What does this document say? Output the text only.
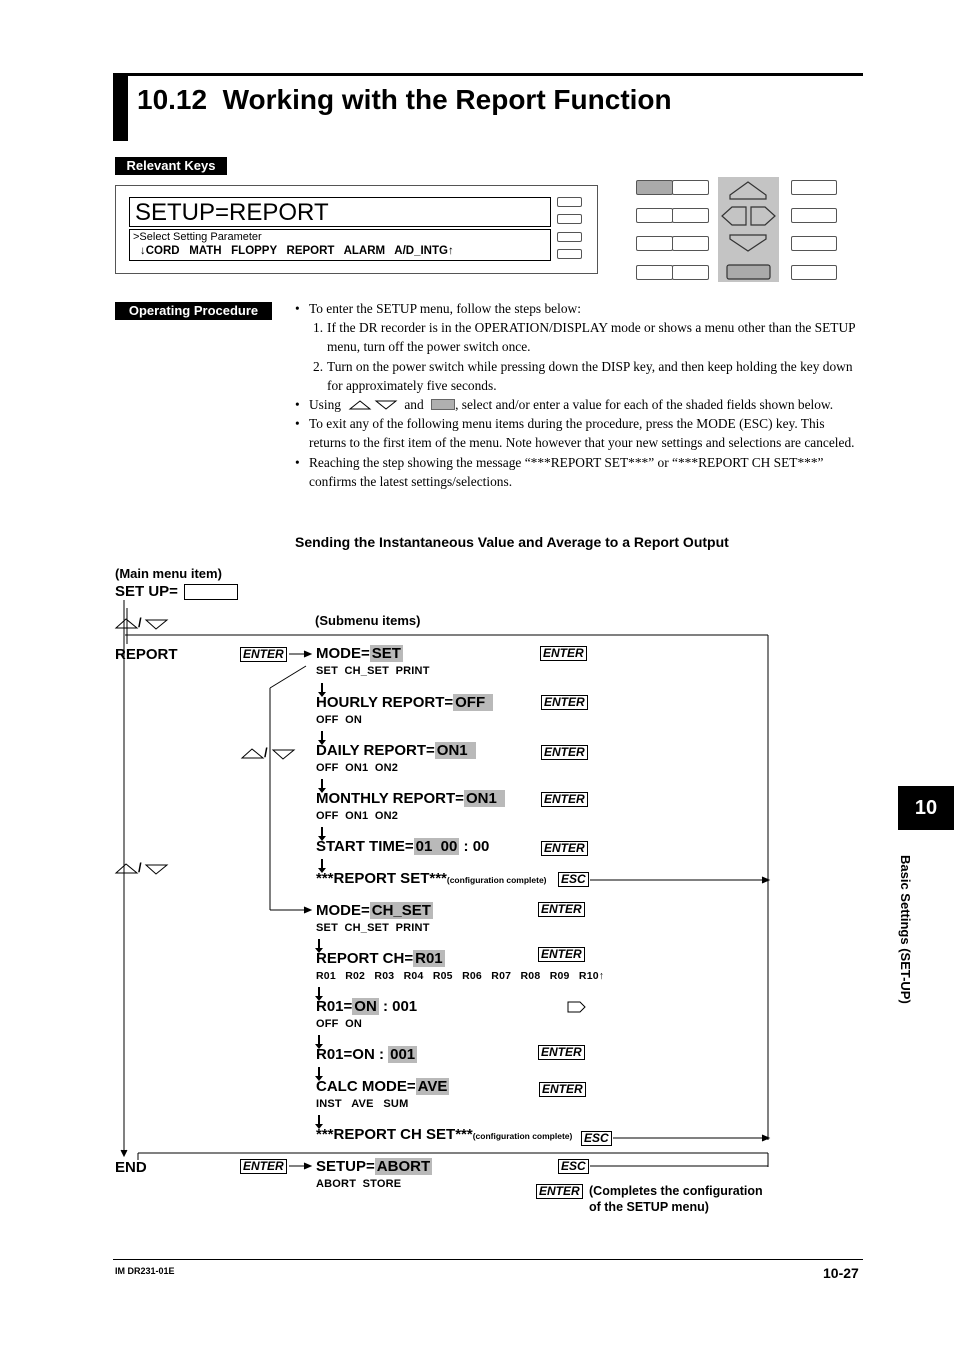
10.12  Working with the Report Function
Relevant Keys
SETUP=REPORT
>Select Setting Parameter
↓CORD   MATH   FLOPPY   REPORT   ALARM   A/D_INTG↑
Operating Procedure	• To enter the SETUP menu, follow the steps below:
1. If the DR recorder is in the OPERATION/DISPLAY mode or shows a menu other than the SETUP menu, turn off the power switch once.
2. Turn on the power switch while pressing down the DISP key, and then keep holding the key down for approximately five seconds.
• Using	and , select and/or enter a value for each of the shaded fields shown below.
• To exit any of the following menu items during the procedure, press the MODE (ESC) key. This returns to the first item of the menu. Note however that your new settings and selections are canceled.
• Reaching the step showing the message “***REPORT SET***” or “***REPORT CH SET***” confirms the latest settings/selections.
Sending the Instantaneous Value and Average to a Report Output
(Main menu item)
SET UP=
/
/
/
(Submenu items)
REPORT
END
ENTER
ENTER
MODE= SET
SET  CH_SET  PRINT
HOURLY REPORT= OFF
OFF  ON
DAILY REPORT= ON1
OFF  ON1  ON2
MONTHLY REPORT= ON1
OFF  ON1  ON2
START TIME= 01  00 : 00
***REPORT SET***(configuration complete)
MODE= CH_SET
SET  CH_SET  PRINT
REPORT CH= R01
R01   R02   R03   R04   R05   R06   R07   R08   R09   R10↑
R01= ON : 001
OFF  ON
R01=ON : 001
CALC MODE= AVE
INST   AVE   SUM
***REPORT CH SET***(configuration complete)
SETUP= ABORT
ABORT  STORE
ENTER
ENTER
ENTER
ENTER
ENTER
ESC
ENTER
ENTER
ENTER
ENTER
ESC
ESC
ENTER (Completes the configuration
of the SETUP menu)
10
Basic Settings (SET-UP)
IM DR231-01E	10-27
